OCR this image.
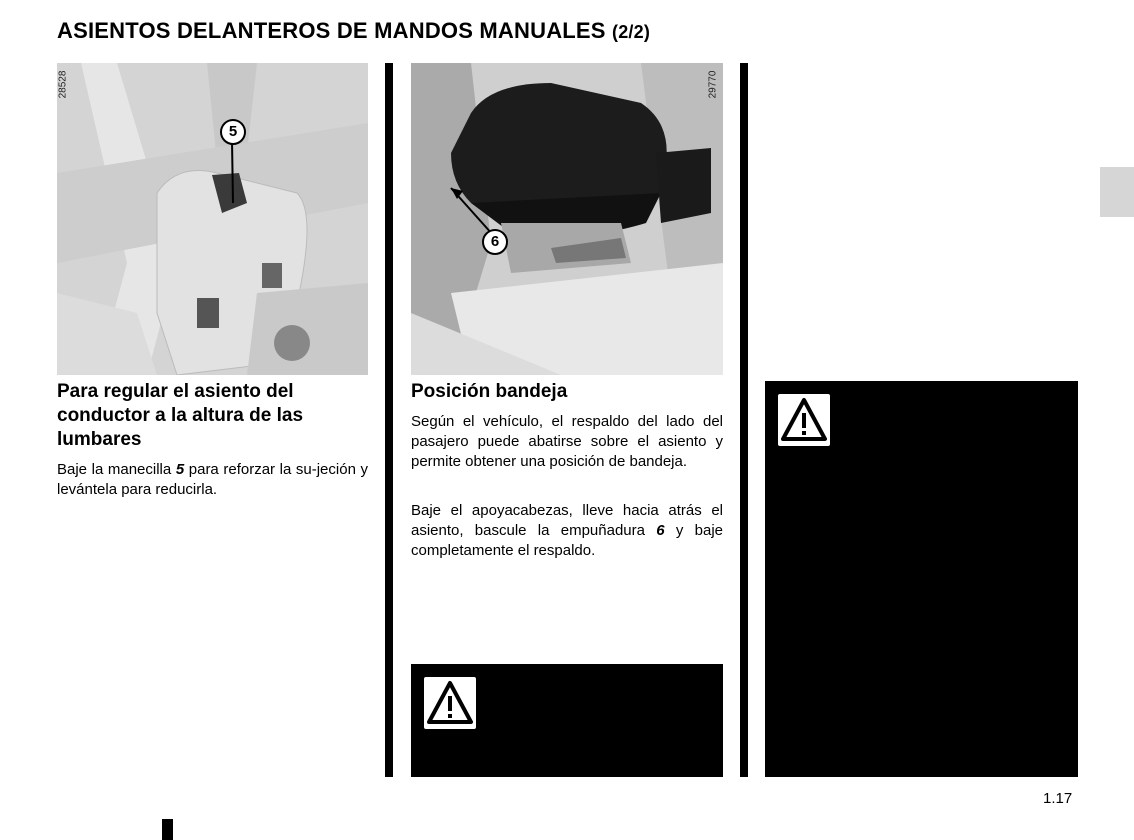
ASIENTOS DELANTEROS DE MANDOS MANUALES (2/2)
28528
5
29770
6
Para regular el asiento del conductor a la altura de las lumbares
Baje la manecilla 5 para reforzar la su-jeción y levántela para reducirla.
Posición bandeja
Según el vehículo, el respaldo del lado del pasajero puede abatirse sobre el asiento y permite obtener una posición de bandeja.
Baje el apoyacabezas, lleve hacia atrás el asiento, bascule la empuñadura 6 y baje completamente el respaldo.
1.17
